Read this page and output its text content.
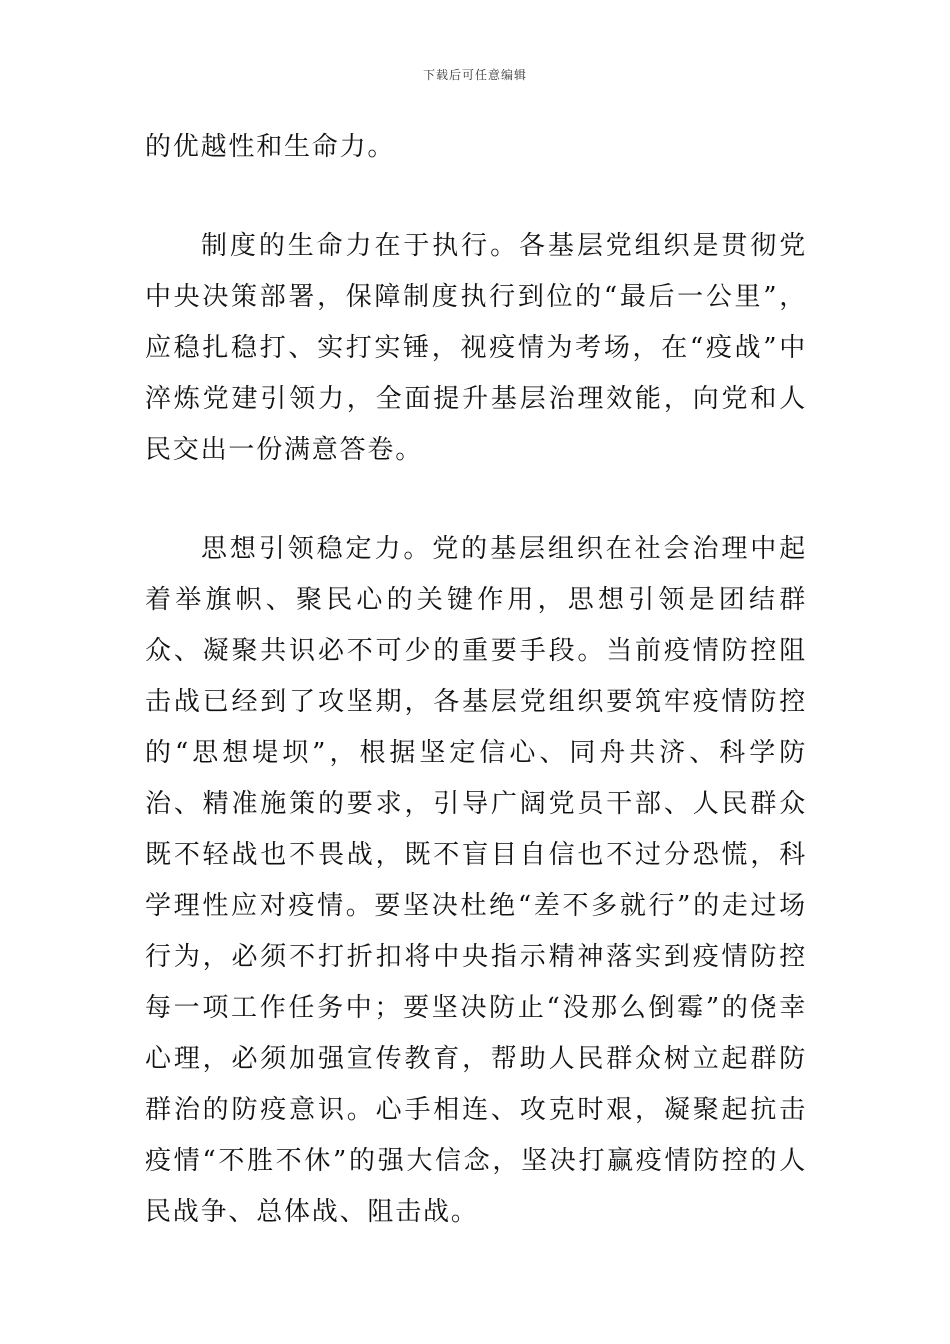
下载后可任意编辑

的优越性和生命力。

制度的生命力在于执行。各基层党组织是贯彻党中央决策部署，保障制度执行到位的“最后一公里”，应稳扎稳打、实打实锤，视疫情为考场，在“疫战”中淬炼党建引领力，全面提升基层治理效能，向党和人民交出一份满意答卷。

思想引领稳定力。党的基层组织在社会治理中起着举旗帜、聚民心的关键作用，思想引领是团结群众、凝聚共识必不可少的重要手段。当前疫情防控阻击战已经到了攻坚期，各基层党组织要筑牢疫情防控的“思想堤坝”，根据坚定信心、同舟共济、科学防治、精准施策的要求，引导广阔党员干部、人民群众既不轻战也不畏战，既不盲目自信也不过分恐慌，科学理性应对疫情。要坚决杜绝“差不多就行”的走过场行为，必须不打折扣将中央指示精神落实到疫情防控每一项工作任务中；要坚决防止“没那么倒霉”的侥幸心理，必须加强宣传教育，帮助人民群众树立起群防群治的防疫意识。心手相连、攻克时艰，凝聚起抗击疫情“不胜不休”的强大信念，坚决打赢疫情防控的人民战争、总体战、阻击战。
